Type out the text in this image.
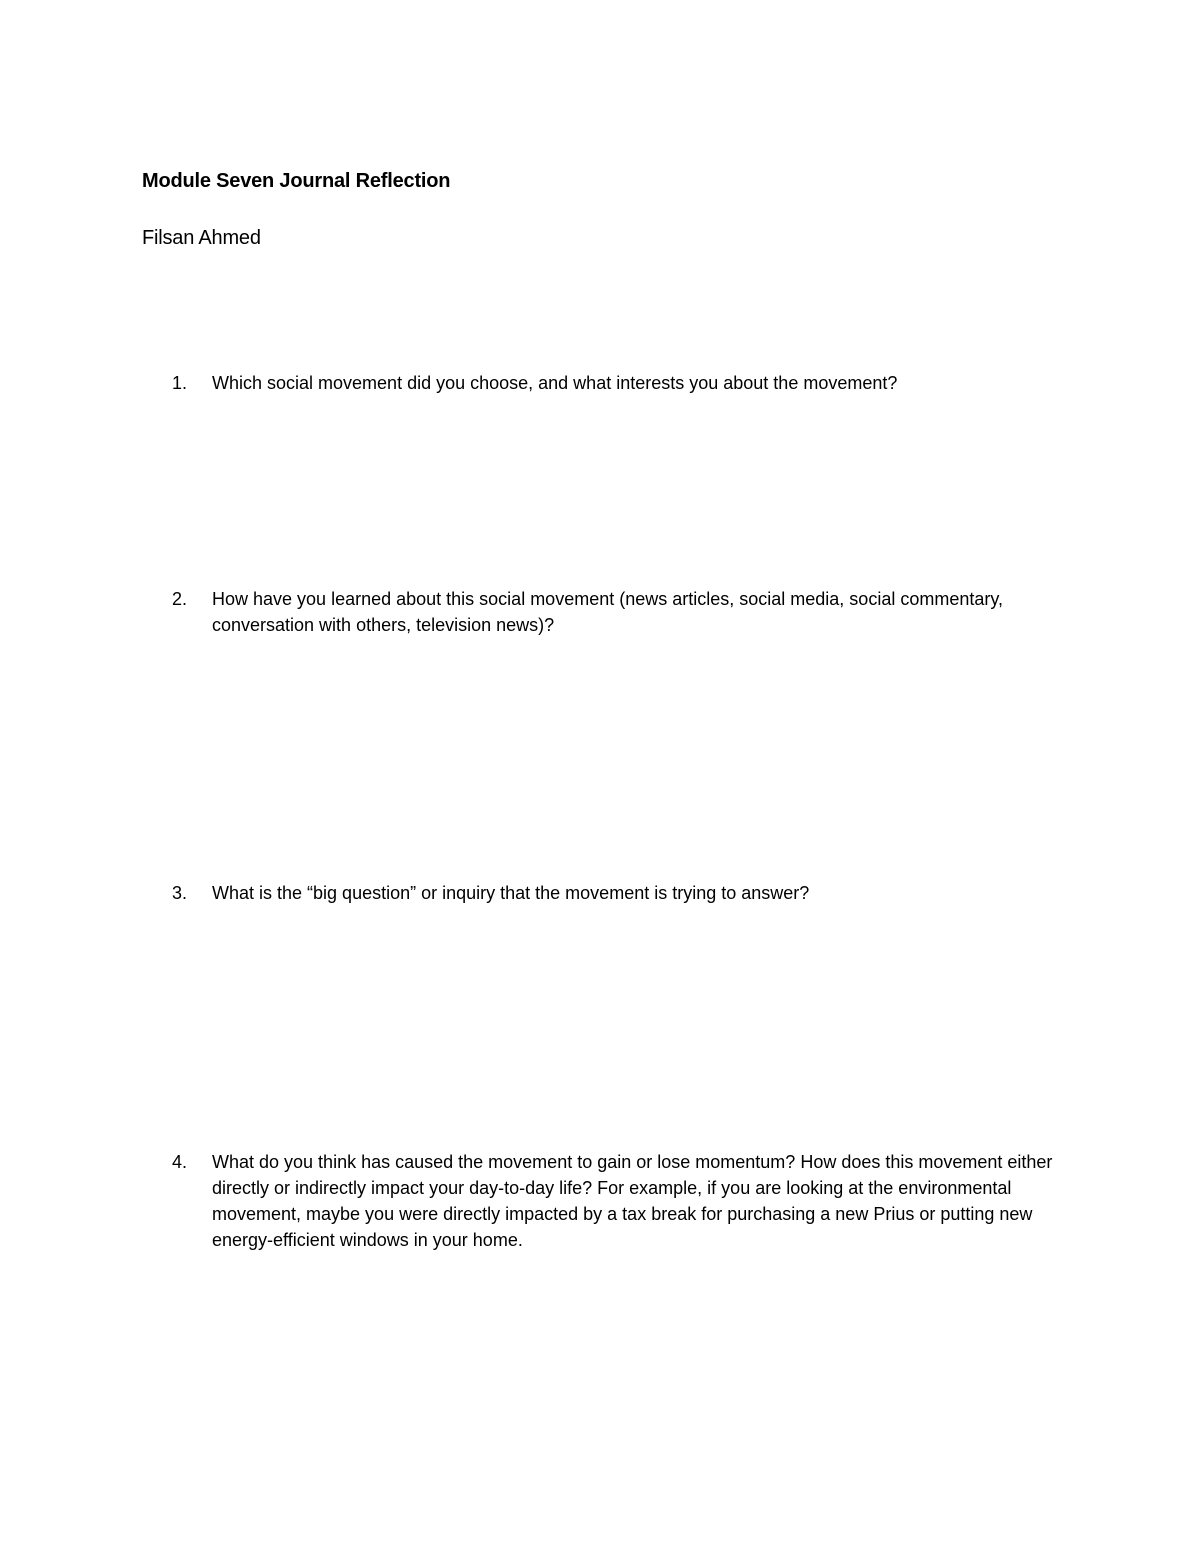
Module Seven Journal Reflection
Filsan Ahmed
1.	Which social movement did you choose, and what interests you about the movement?
2.	How have you learned about this social movement (news articles, social media, social commentary, conversation with others, television news)?
3.	What is the “big question” or inquiry that the movement is trying to answer?
4.	What do you think has caused the movement to gain or lose momentum? How does this movement either directly or indirectly impact your day-to-day life? For example, if you are looking at the environmental movement, maybe you were directly impacted by a tax break for purchasing a new Prius or putting new energy-efficient windows in your home.
